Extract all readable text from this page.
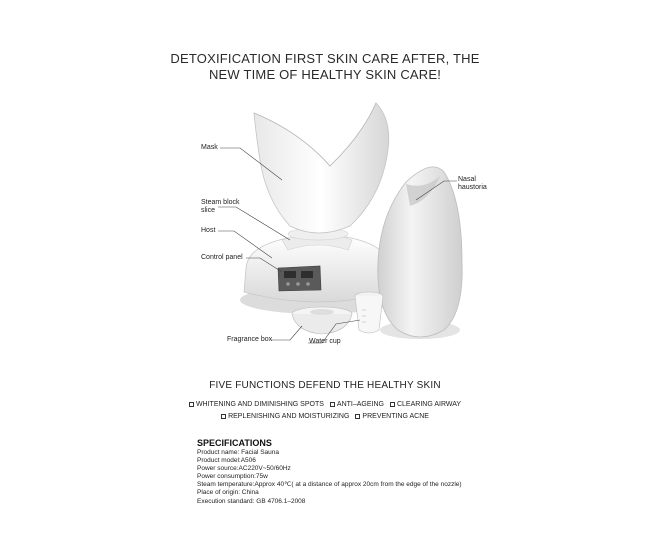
DETOXIFICATION FIRST SKIN CARE AFTER, THE
NEW TIME OF HEALTHY SKIN CARE!
Mask
Steam block
slice
Host
Control panel
Fragrance box	Water cup
Nasal
haustoria
FIVE FUNCTIONS DEFEND THE HEALTHY SKIN
WHITENING AND DIMINISHING SPOTS ANTI–AGEING CLEARING AIRWAY
REPLENISHING AND MOISTURIZING PREVENTING ACNE
SPECIFICATIONS
Product name: Facial Sauna
Product model:A506
Power source:AC220V~50/60Hz
Power consumption:75w
Steam temperature:Approx 40℃( at a distance of approx 20cm from the edge of the nozzle)
Place of origin: China
Execution standard: GB 4706.1–2008
